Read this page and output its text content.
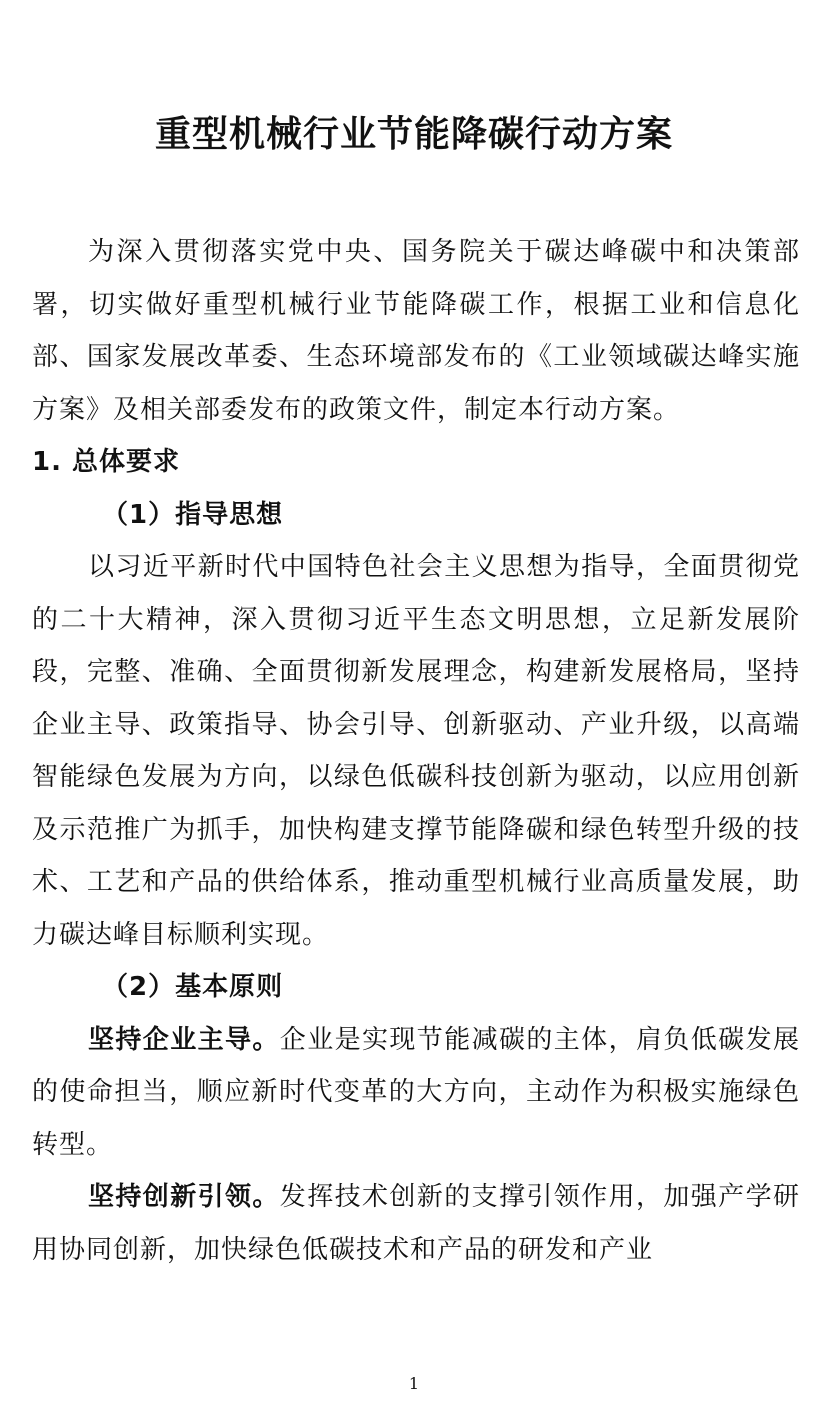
重型机械行业节能降碳行动方案

为深入贯彻落实党中央、国务院关于碳达峰碳中和决策部署，切实做好重型机械行业节能降碳工作，根据工业和信息化部、国家发展改革委、生态环境部发布的《工业领域碳达峰实施方案》及相关部委发布的政策文件，制定本行动方案。

1. 总体要求

（1）指导思想

以习近平新时代中国特色社会主义思想为指导，全面贯彻党的二十大精神，深入贯彻习近平生态文明思想，立足新发展阶段，完整、准确、全面贯彻新发展理念，构建新发展格局，坚持企业主导、政策指导、协会引导、创新驱动、产业升级，以高端智能绿色发展为方向，以绿色低碳科技创新为驱动，以应用创新及示范推广为抓手，加快构建支撑节能降碳和绿色转型升级的技术、工艺和产品的供给体系，推动重型机械行业高质量发展，助力碳达峰目标顺利实现。

（2）基本原则

坚持企业主导。企业是实现节能减碳的主体，肩负低碳发展的使命担当，顺应新时代变革的大方向，主动作为积极实施绿色转型。

坚持创新引领。发挥技术创新的支撑引领作用，加强产学研用协同创新，加快绿色低碳技术和产品的研发和产业

1
